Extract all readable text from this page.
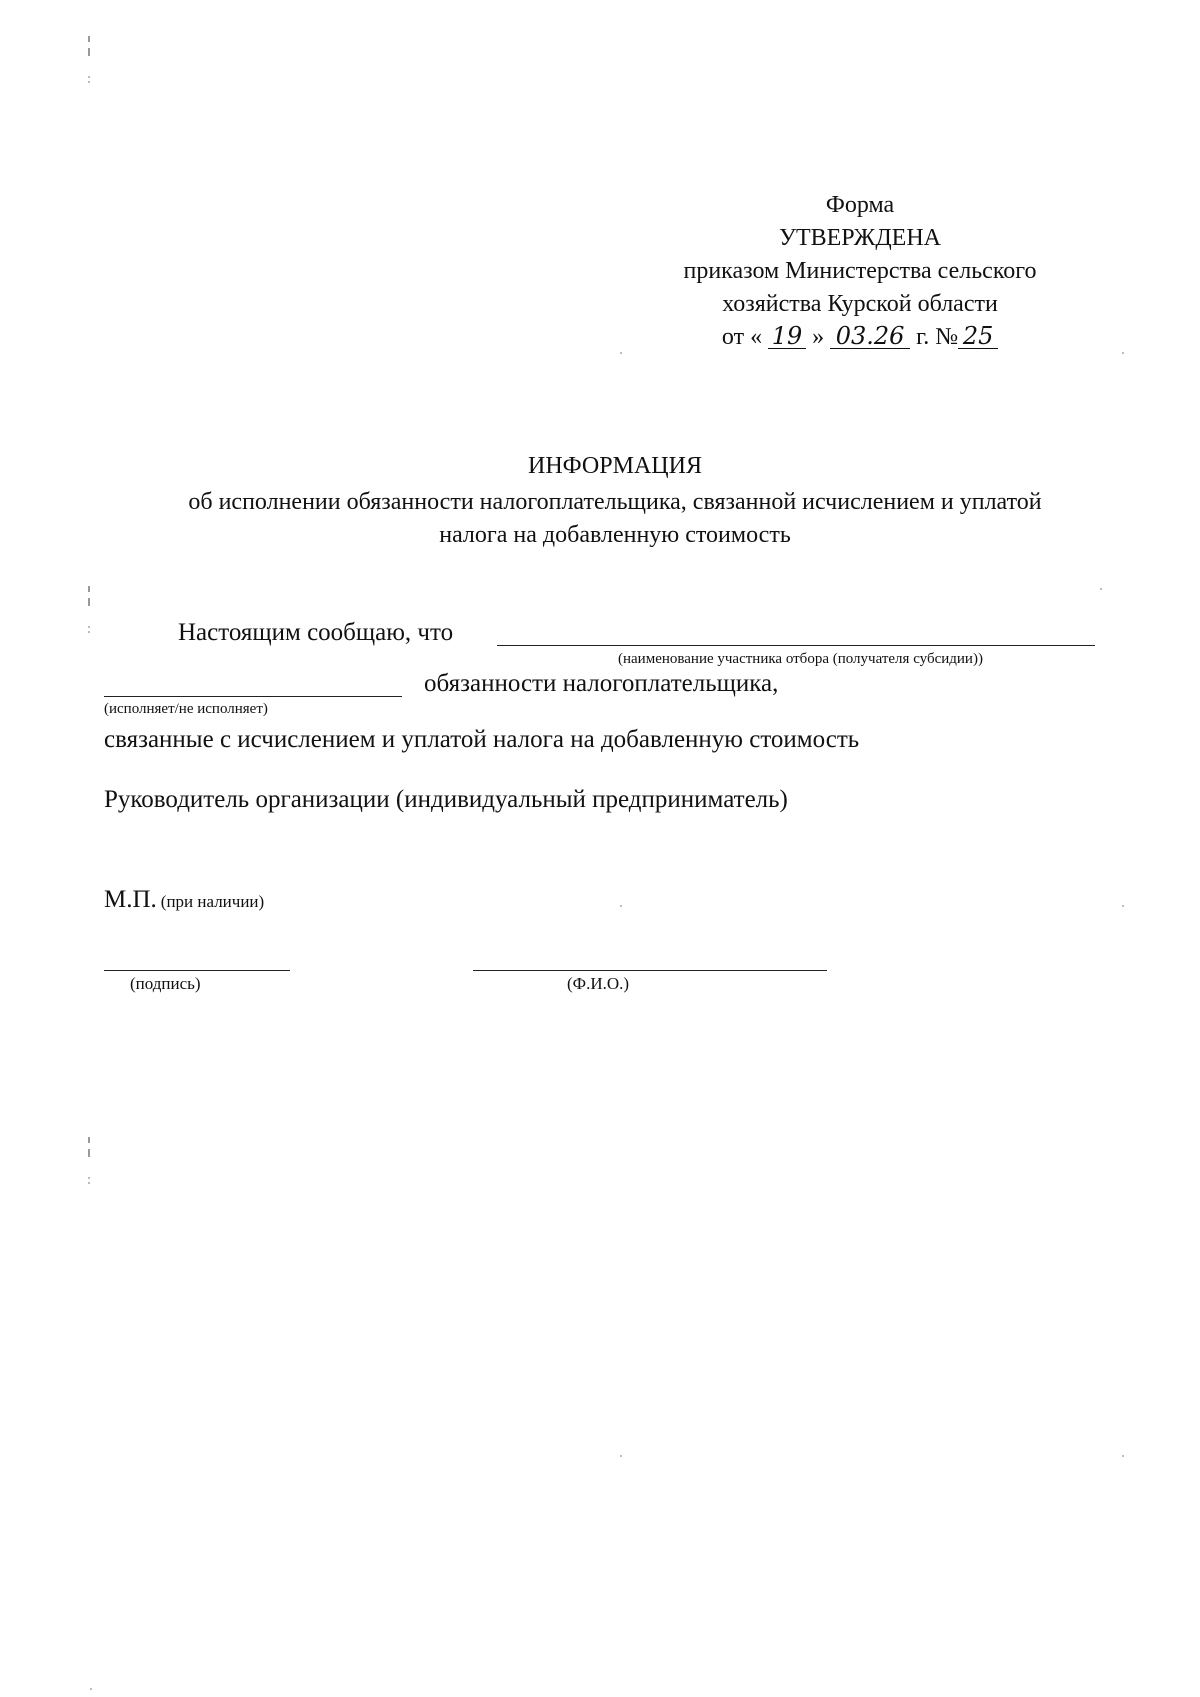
Форма
УТВЕРЖДЕНА
приказом Министерства сельского
хозяйства Курской области
от « 19 » 03.26 г. № 25
ИНФОРМАЦИЯ
об исполнении обязанности налогоплательщика, связанной исчислением и уплатой
налога на добавленную стоимость
Настоящим сообщаю, что
(наименование участника отбора (получателя субсидии))
обязанности налогоплательщика,
(исполняет/не исполняет)
связанные с исчислением и уплатой налога на добавленную стоимость
Руководитель организации (индивидуальный предприниматель)
М.П. (при наличии)
(подпись)	(Ф.И.О.)
